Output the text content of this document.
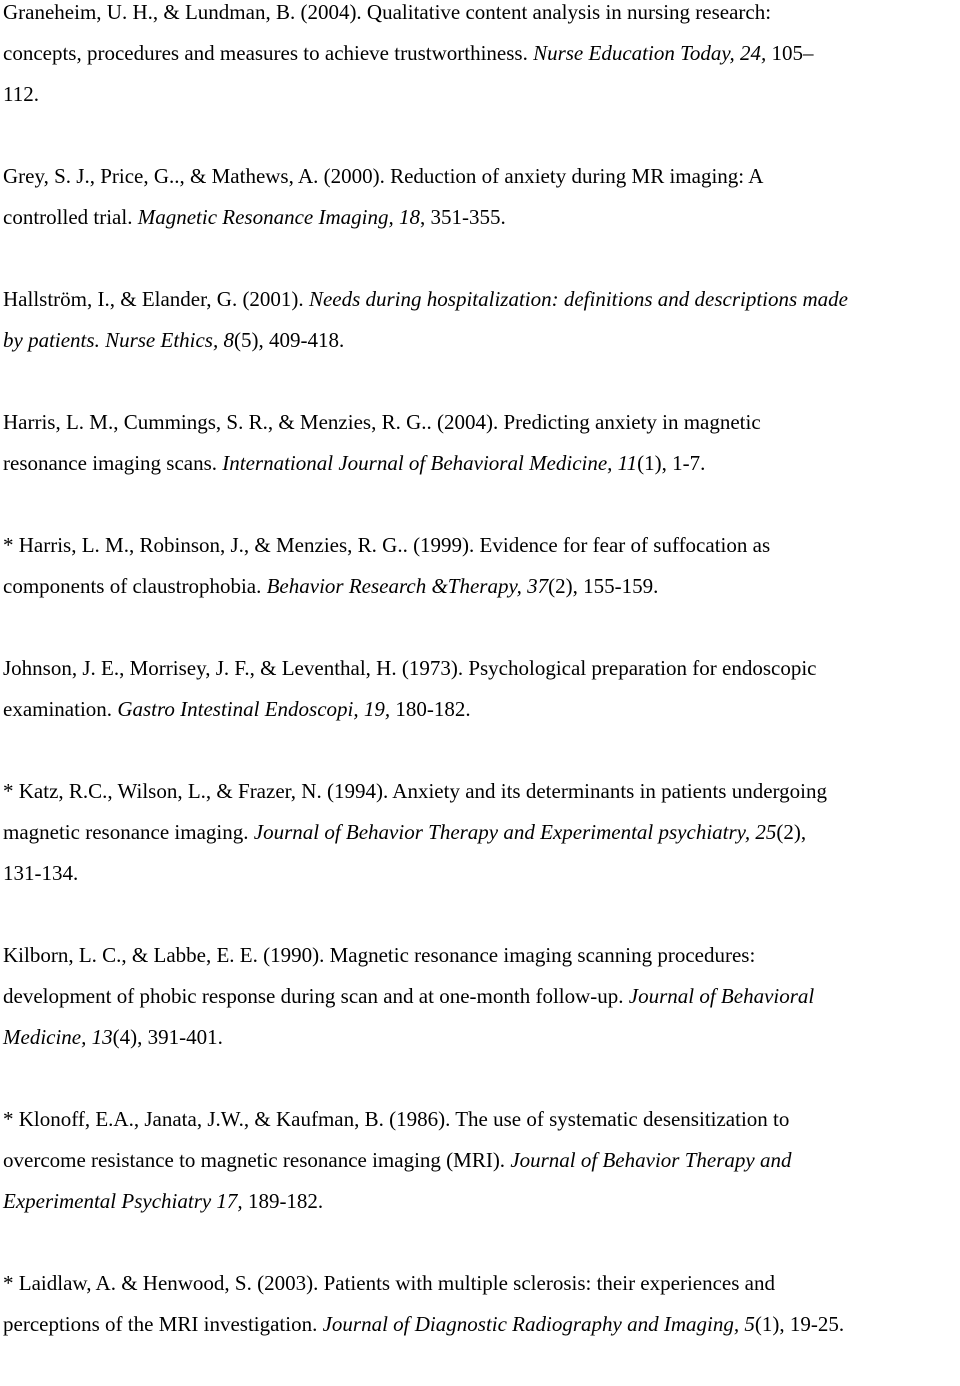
Graneheim, U. H., & Lundman, B. (2004). Qualitative content analysis in nursing research:
concepts, procedures and measures to achieve trustworthiness. Nurse Education Today, 24, 105–
112.
Grey, S. J., Price, G.., & Mathews, A. (2000). Reduction of anxiety during MR imaging: A
controlled trial. Magnetic Resonance Imaging, 18, 351-355.
Hallström, I., & Elander, G. (2001). Needs during hospitalization: definitions and descriptions made
by patients. Nurse Ethics, 8(5), 409-418.
Harris, L. M., Cummings, S. R., & Menzies, R. G.. (2004). Predicting anxiety in magnetic
resonance imaging scans. International Journal of Behavioral Medicine, 11(1), 1-7.
* Harris, L. M., Robinson, J., & Menzies, R. G.. (1999). Evidence for fear of suffocation as
components of claustrophobia. Behavior Research &Therapy, 37(2), 155-159.
Johnson, J. E., Morrisey, J. F., & Leventhal, H. (1973). Psychological preparation for endoscopic
examination. Gastro Intestinal Endoscopi, 19, 180-182.
* Katz, R.C., Wilson, L., & Frazer, N. (1994). Anxiety and its determinants in patients undergoing
magnetic resonance imaging. Journal of Behavior Therapy and Experimental psychiatry, 25(2),
131-134.
Kilborn, L. C., & Labbe, E. E. (1990). Magnetic resonance imaging scanning procedures:
development of phobic response during scan and at one-month follow-up. Journal of Behavioral
Medicine, 13(4), 391-401.
* Klonoff, E.A., Janata, J.W., & Kaufman, B. (1986). The use of systematic desensitization to
overcome resistance to magnetic resonance imaging (MRI). Journal of Behavior Therapy and
Experimental Psychiatry 17, 189-182.
* Laidlaw, A. & Henwood, S. (2003). Patients with multiple sclerosis: their experiences and
perceptions of the MRI investigation. Journal of Diagnostic Radiography and Imaging, 5(1), 19-25.
